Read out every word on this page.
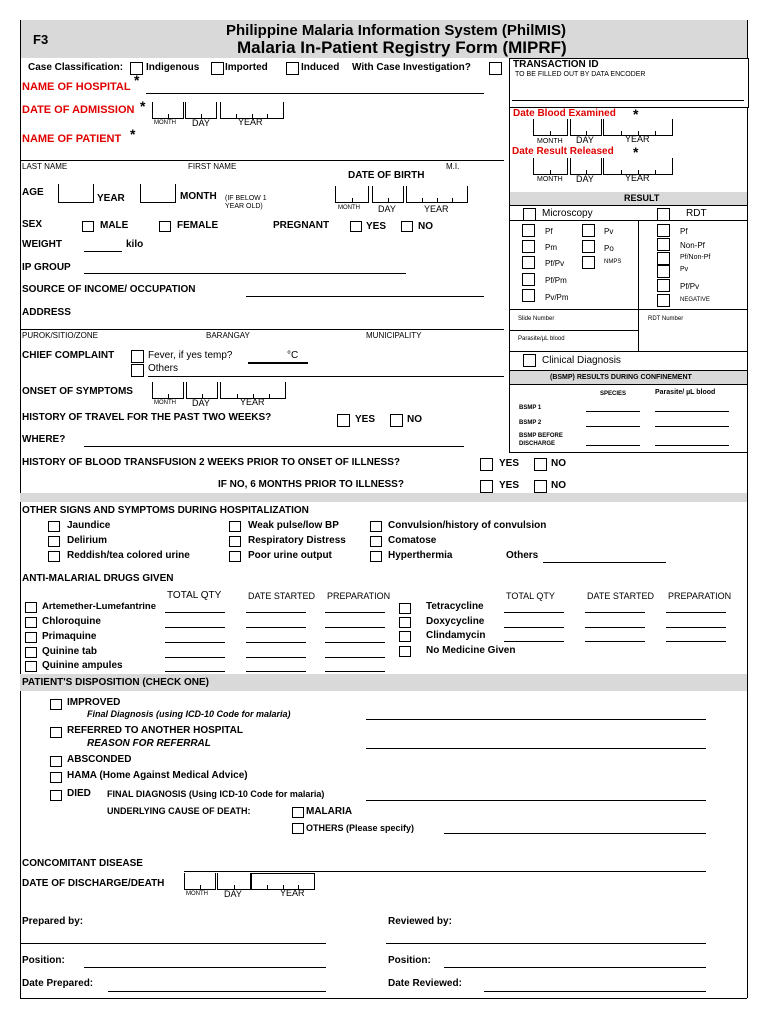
F3
Philippine Malaria Information System (PhilMIS)
Malaria In-Patient Registry Form (MIPRF)
Case Classification: Indigenous	Imported	Induced With Case Investigation?
NAME OF HOSPITAL *
DATE OF ADMISSION *
MONTH DAY	YEAR
NAME OF PATIENT *
LAST NAME	FIRST NAME	M.I.
AGE
YEAR	MONTH (IF BELOW 1
YEAR OLD)
DATE OF BIRTH
MONTH DAY	YEAR
SEX	MALE	FEMALE	PREGNANT	YES	NO
WEIGHT	kilo
IP GROUP
SOURCE OF INCOME/ OCCUPATION
ADDRESS
PUROK/SITIO/ZONE	BARANGAY	MUNICIPALITY
CHIEF COMPLAINT	Fever, if yes temp?	°C
Others
ONSET OF SYMPTOMS
MONTH DAY	YEAR
HISTORY OF TRAVEL FOR THE PAST TWO WEEKS?	YES	NO
WHERE?
TRANSACTION ID
TO BE FILLED OUT BY DATA ENCODER
Date Blood Examined *
MONTH DAY	YEAR
Date Result Released *
MONTH DAY	YEAR
RESULT
Microscopy	RDT
Pf
Pm
Pf/Pv
Pf/Pm
Pv/Pm
Pv
Po
NMPS
Pf
Non-Pf
Pf/Non-Pf
Pv
Pf/Pv
NEGATIVE
Slide Number	RDT Number
Parasite/µL blood
Clinical Diagnosis
(BSMP) RESULTS DURING CONFINEMENT
SPECIES	Parasite/ µL blood
BSMP 1
BSMP 2
BSMP BEFORE
DISCHARGE
HISTORY OF BLOOD TRANSFUSION 2 WEEKS PRIOR TO ONSET OF ILLNESS?	YES	NO
IF NO, 6 MONTHS PRIOR TO ILLNESS?	YES	NO
OTHER SIGNS AND SYMPTOMS DURING HOSPITALIZATION
Jaundice
Delirium
Reddish/tea colored urine
Weak pulse/low BP
Respiratory Distress
Poor urine output
Convulsion/history of convulsion
Comatose
Hyperthermia	Others
ANTI-MALARIAL DRUGS GIVEN
TOTAL QTY	DATE STARTED PREPARATION	TOTAL QTY	DATE STARTED PREPARATION
Artemether-Lumefantrine
Chloroquine
Primaquine
Quinine tab
Quinine ampules
Tetracycline
Doxycycline
Clindamycin
No Medicine Given
PATIENT'S DISPOSITION (CHECK ONE)
IMPROVED
Final Diagnosis (using ICD-10 Code for malaria)
REFERRED TO ANOTHER HOSPITAL
REASON FOR REFERRAL
ABSCONDED
HAMA (Home Against Medical Advice)
DIED FINAL DIAGNOSIS (Using ICD-10 Code for malaria)
UNDERLYING CAUSE OF DEATH:	MALARIA
OTHERS (Please specify)
CONCOMITANT DISEASE
DATE OF DISCHARGE/DEATH
MONTH DAY	YEAR
Prepared by:	Reviewed by:
Position:	Position:
Date Prepared:	Date Reviewed:
